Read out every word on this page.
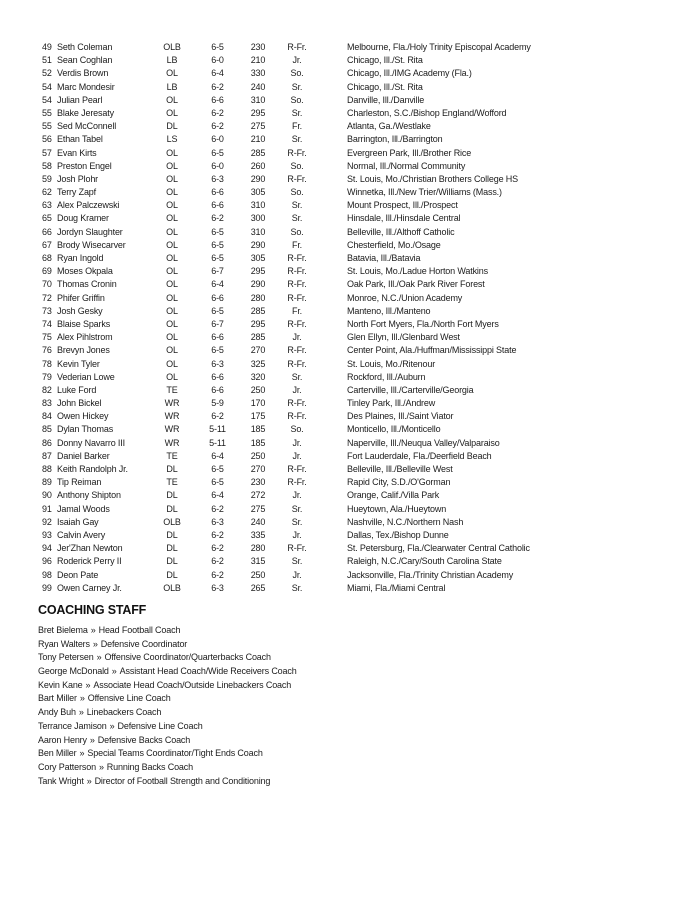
49 Seth Coleman	OLB	6-5	230	R-Fr.	Melbourne, Fla./Holy Trinity Episcopal Academy
51 Sean Coghlan	LB	6-0	210	Jr.	Chicago, Ill./St. Rita
52 Verdis Brown	OL	6-4	330	So.	Chicago, Ill./IMG Academy (Fla.)
54 Marc Mondesir	LB	6-2	240	Sr.	Chicago, Ill./St. Rita
54 Julian Pearl	OL	6-6	310	So.	Danville, Ill./Danville
55 Blake Jeresaty	OL	6-2	295	Sr.	Charleston, S.C./Bishop England/Wofford
55 Sed McConnell	DL	6-2	275	Fr.	Atlanta, Ga./Westlake
56 Ethan Tabel	LS	6-0	210	Sr.	Barrington, Ill./Barrington
57 Evan Kirts	OL	6-5	285	R-Fr.	Evergreen Park, Ill./Brother Rice
58 Preston Engel	OL	6-0	260	So.	Normal, Ill./Normal Community
59 Josh Plohr	OL	6-3	290	R-Fr.	St. Louis, Mo./Christian Brothers College HS
62 Terry Zapf	OL	6-6	305	So.	Winnetka, Ill./New Trier/Williams (Mass.)
63 Alex Palczewski	OL	6-6	310	Sr.	Mount Prospect, Ill./Prospect
65 Doug Kramer	OL	6-2	300	Sr.	Hinsdale, Ill./Hinsdale Central
66 Jordyn Slaughter	OL	6-5	310	So.	Belleville, Ill./Althoff Catholic
67 Brody Wisecarver	OL	6-5	290	Fr.	Chesterfield, Mo./Osage
68 Ryan Ingold	OL	6-5	305	R-Fr.	Batavia, Ill./Batavia
69 Moses Okpala	OL	6-7	295	R-Fr.	St. Louis, Mo./Ladue Horton Watkins
70 Thomas Cronin	OL	6-4	290	R-Fr.	Oak Park, Ill./Oak Park River Forest
72 Phifer Griffin	OL	6-6	280	R-Fr.	Monroe, N.C./Union Academy
73 Josh Gesky	OL	6-5	285	Fr.	Manteno, Ill./Manteno
74 Blaise Sparks	OL	6-7	295	R-Fr.	North Fort Myers, Fla./North Fort Myers
75 Alex Pihlstrom	OL	6-6	285	Jr.	Glen Ellyn, Ill./Glenbard West
76 Brevyn Jones	OL	6-5	270	R-Fr.	Center Point, Ala./Huffman/Mississippi State
78 Kevin Tyler	OL	6-3	325	R-Fr.	St. Louis, Mo./Ritenour
79 Vederian Lowe	OL	6-6	320	Sr.	Rockford, Ill./Auburn
82 Luke Ford	TE	6-6	250	Jr.	Carterville, Ill./Carterville/Georgia
83 John Bickel	WR	5-9	170	R-Fr.	Tinley Park, Ill./Andrew
84 Owen Hickey	WR	6-2	175	R-Fr.	Des Plaines, Ill./Saint Viator
85 Dylan Thomas	WR	5-11	185	So.	Monticello, Ill./Monticello
86 Donny Navarro III	WR	5-11	185	Jr.	Naperville, Ill./Neuqua Valley/Valparaiso
87 Daniel Barker	TE	6-4	250	Jr.	Fort Lauderdale, Fla./Deerfield Beach
88 Keith Randolph Jr.	DL	6-5	270	R-Fr.	Belleville, Ill./Belleville West
89 Tip Reiman	TE	6-5	230	R-Fr.	Rapid City, S.D./O'Gorman
90 Anthony Shipton	DL	6-4	272	Jr.	Orange, Calif./Villa Park
91 Jamal Woods	DL	6-2	275	Sr.	Hueytown, Ala./Hueytown
92 Isaiah Gay	OLB	6-3	240	Sr.	Nashville, N.C./Northern Nash
93 Calvin Avery	DL	6-2	335	Jr.	Dallas, Tex./Bishop Dunne
94 Jer'Zhan Newton	DL	6-2	280	R-Fr.	St. Petersburg, Fla./Clearwater Central Catholic
96 Roderick Perry II	DL	6-2	315	Sr.	Raleigh, N.C./Cary/South Carolina State
98 Deon Pate	DL	6-2	250	Jr.	Jacksonville, Fla./Trinity Christian Academy
99 Owen Carney Jr.	OLB	6-3	265	Sr.	Miami, Fla./Miami Central
COACHING STAFF
Bret Bielema » Head Football Coach
Ryan Walters » Defensive Coordinator
Tony Petersen » Offensive Coordinator/Quarterbacks Coach
George McDonald » Assistant Head Coach/Wide Receivers Coach
Kevin Kane » Associate Head Coach/Outside Linebackers Coach
Bart Miller » Offensive Line Coach
Andy Buh » Linebackers Coach
Terrance Jamison » Defensive Line Coach
Aaron Henry » Defensive Backs Coach
Ben Miller » Special Teams Coordinator/Tight Ends Coach
Cory Patterson » Running Backs Coach
Tank Wright » Director of Football Strength and Conditioning
